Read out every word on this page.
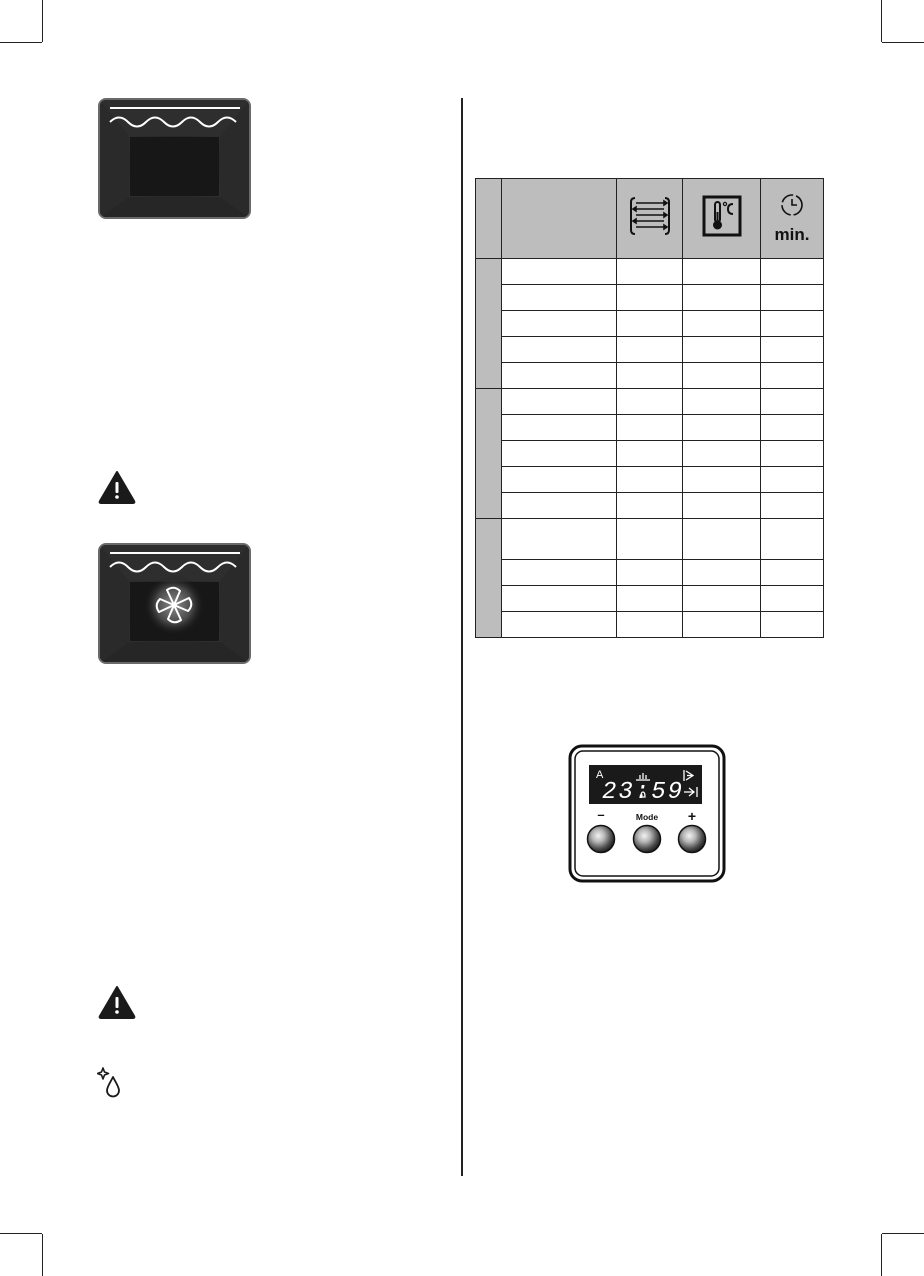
min.

A
23:59
–	Mode +
